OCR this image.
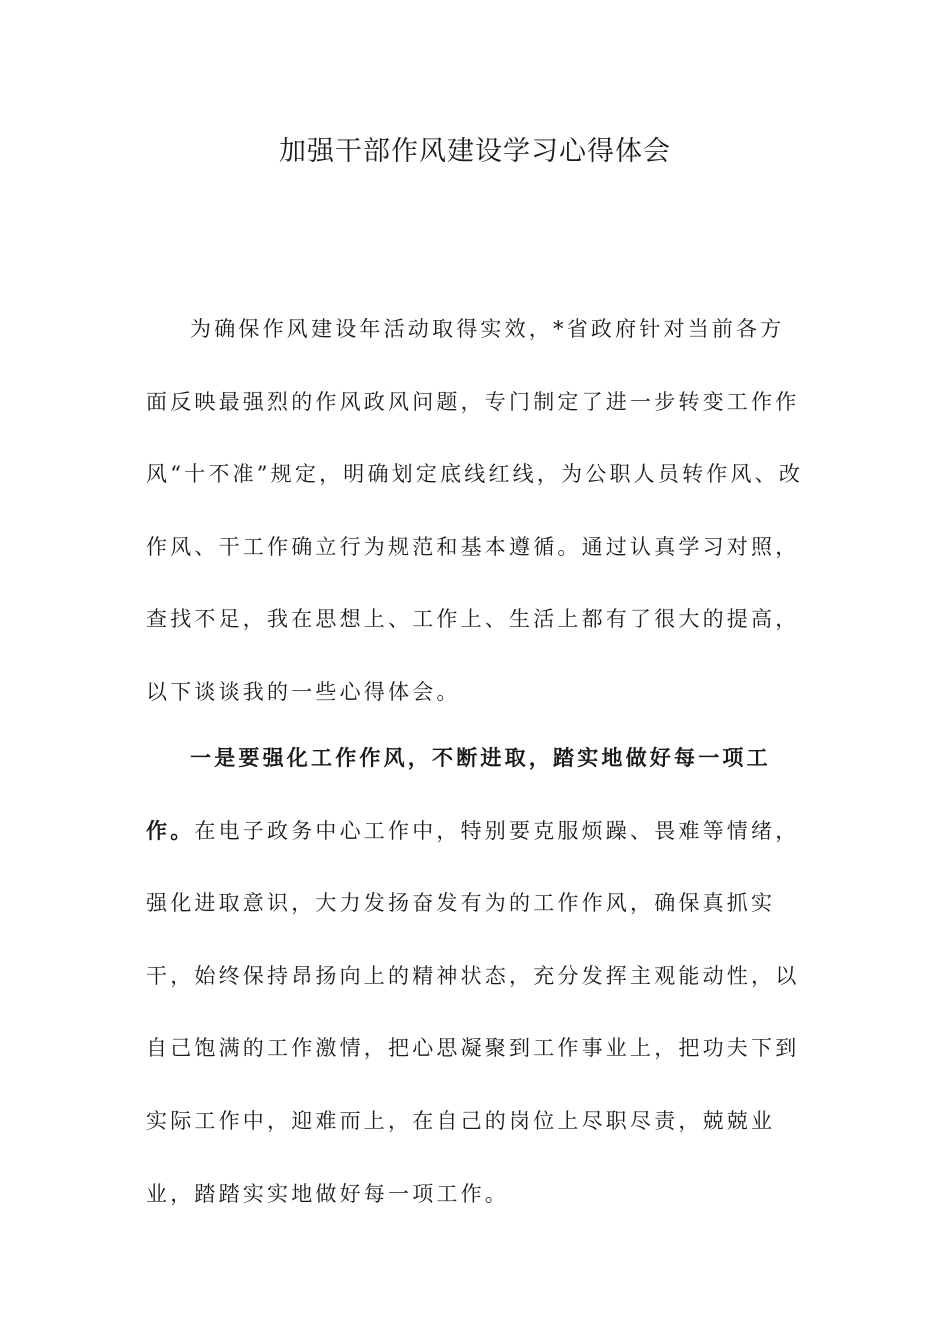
加强干部作风建设学习心得体会

为确保作风建设年活动取得实效，*省政府针对当前各方面反映最强烈的作风政风问题，专门制定了进一步转变工作作风“十不准”规定，明确划定底线红线，为公职人员转作风、改作风、干工作确立行为规范和基本遵循。通过认真学习对照，查找不足，我在思想上、工作上、生活上都有了很大的提高，以下谈谈我的一些心得体会。

一是要强化工作作风，不断进取，踏实地做好每一项工作。在电子政务中心工作中，特别要克服烦躁、畏难等情绪，强化进取意识，大力发扬奋发有为的工作作风，确保真抓实干，始终保持昂扬向上的精神状态，充分发挥主观能动性，以自己饱满的工作激情，把心思凝聚到工作事业上，把功夫下到实际工作中，迎难而上，在自己的岗位上尽职尽责，兢兢业业，踏踏实实地做好每一项工作。
